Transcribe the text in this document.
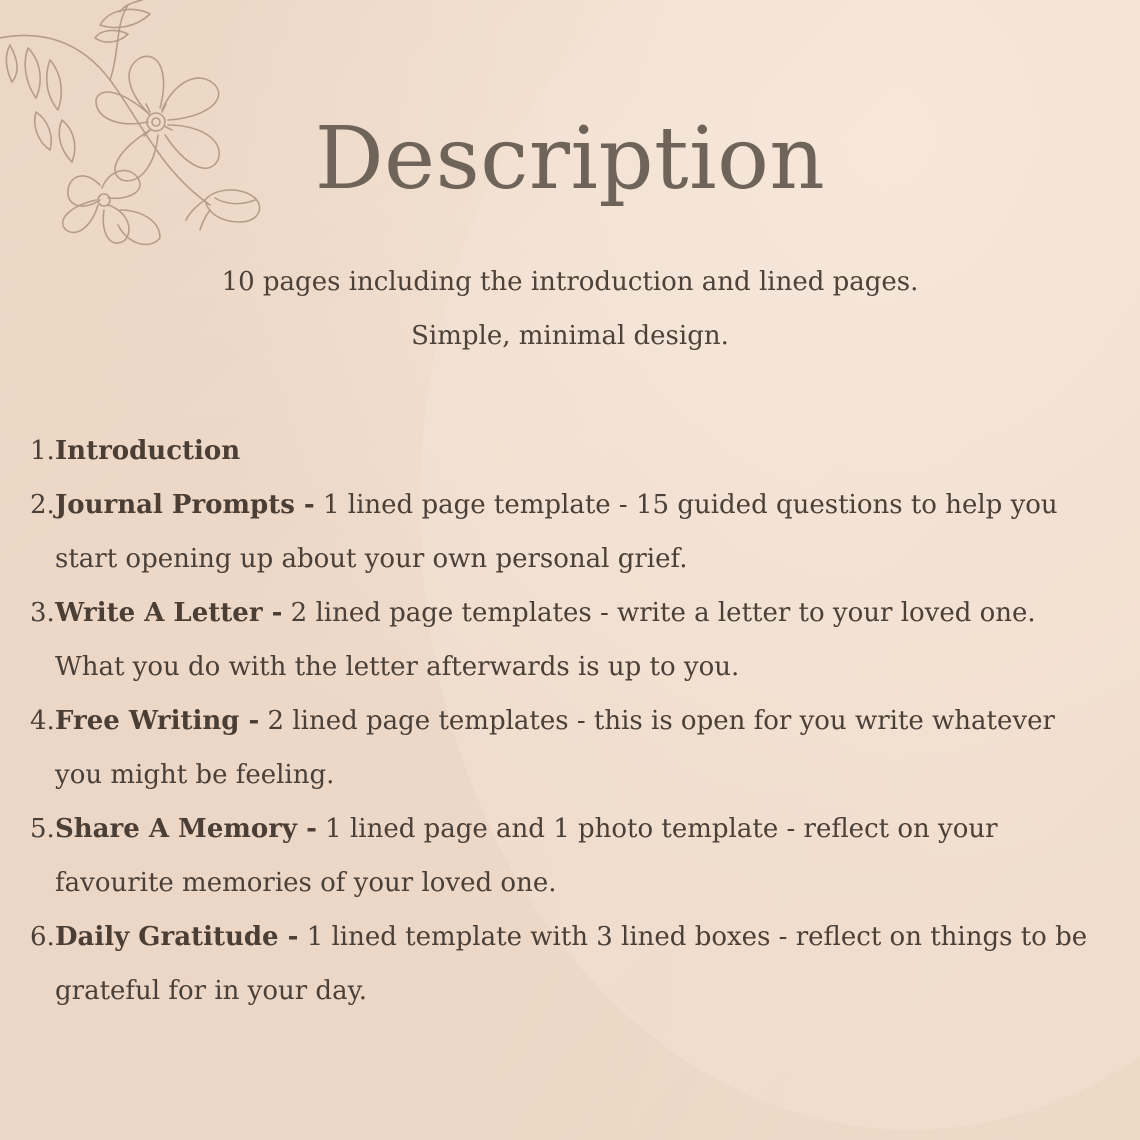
Description

10 pages including the introduction and lined pages.

Simple, minimal design.

1. Introduction
2. Journal Prompts - 1 lined page template - 15 guided questions to help you start opening up about your own personal grief.
3. Write A Letter - 2 lined page templates - write a letter to your loved one. What you do with the letter afterwards is up to you.
4. Free Writing - 2 lined page templates - this is open for you write whatever you might be feeling.
5. Share A Memory - 1 lined page and 1 photo template - reflect on your favourite memories of your loved one.
6. Daily Gratitude - 1 lined template with 3 lined boxes - reflect on things to be grateful for in your day.
